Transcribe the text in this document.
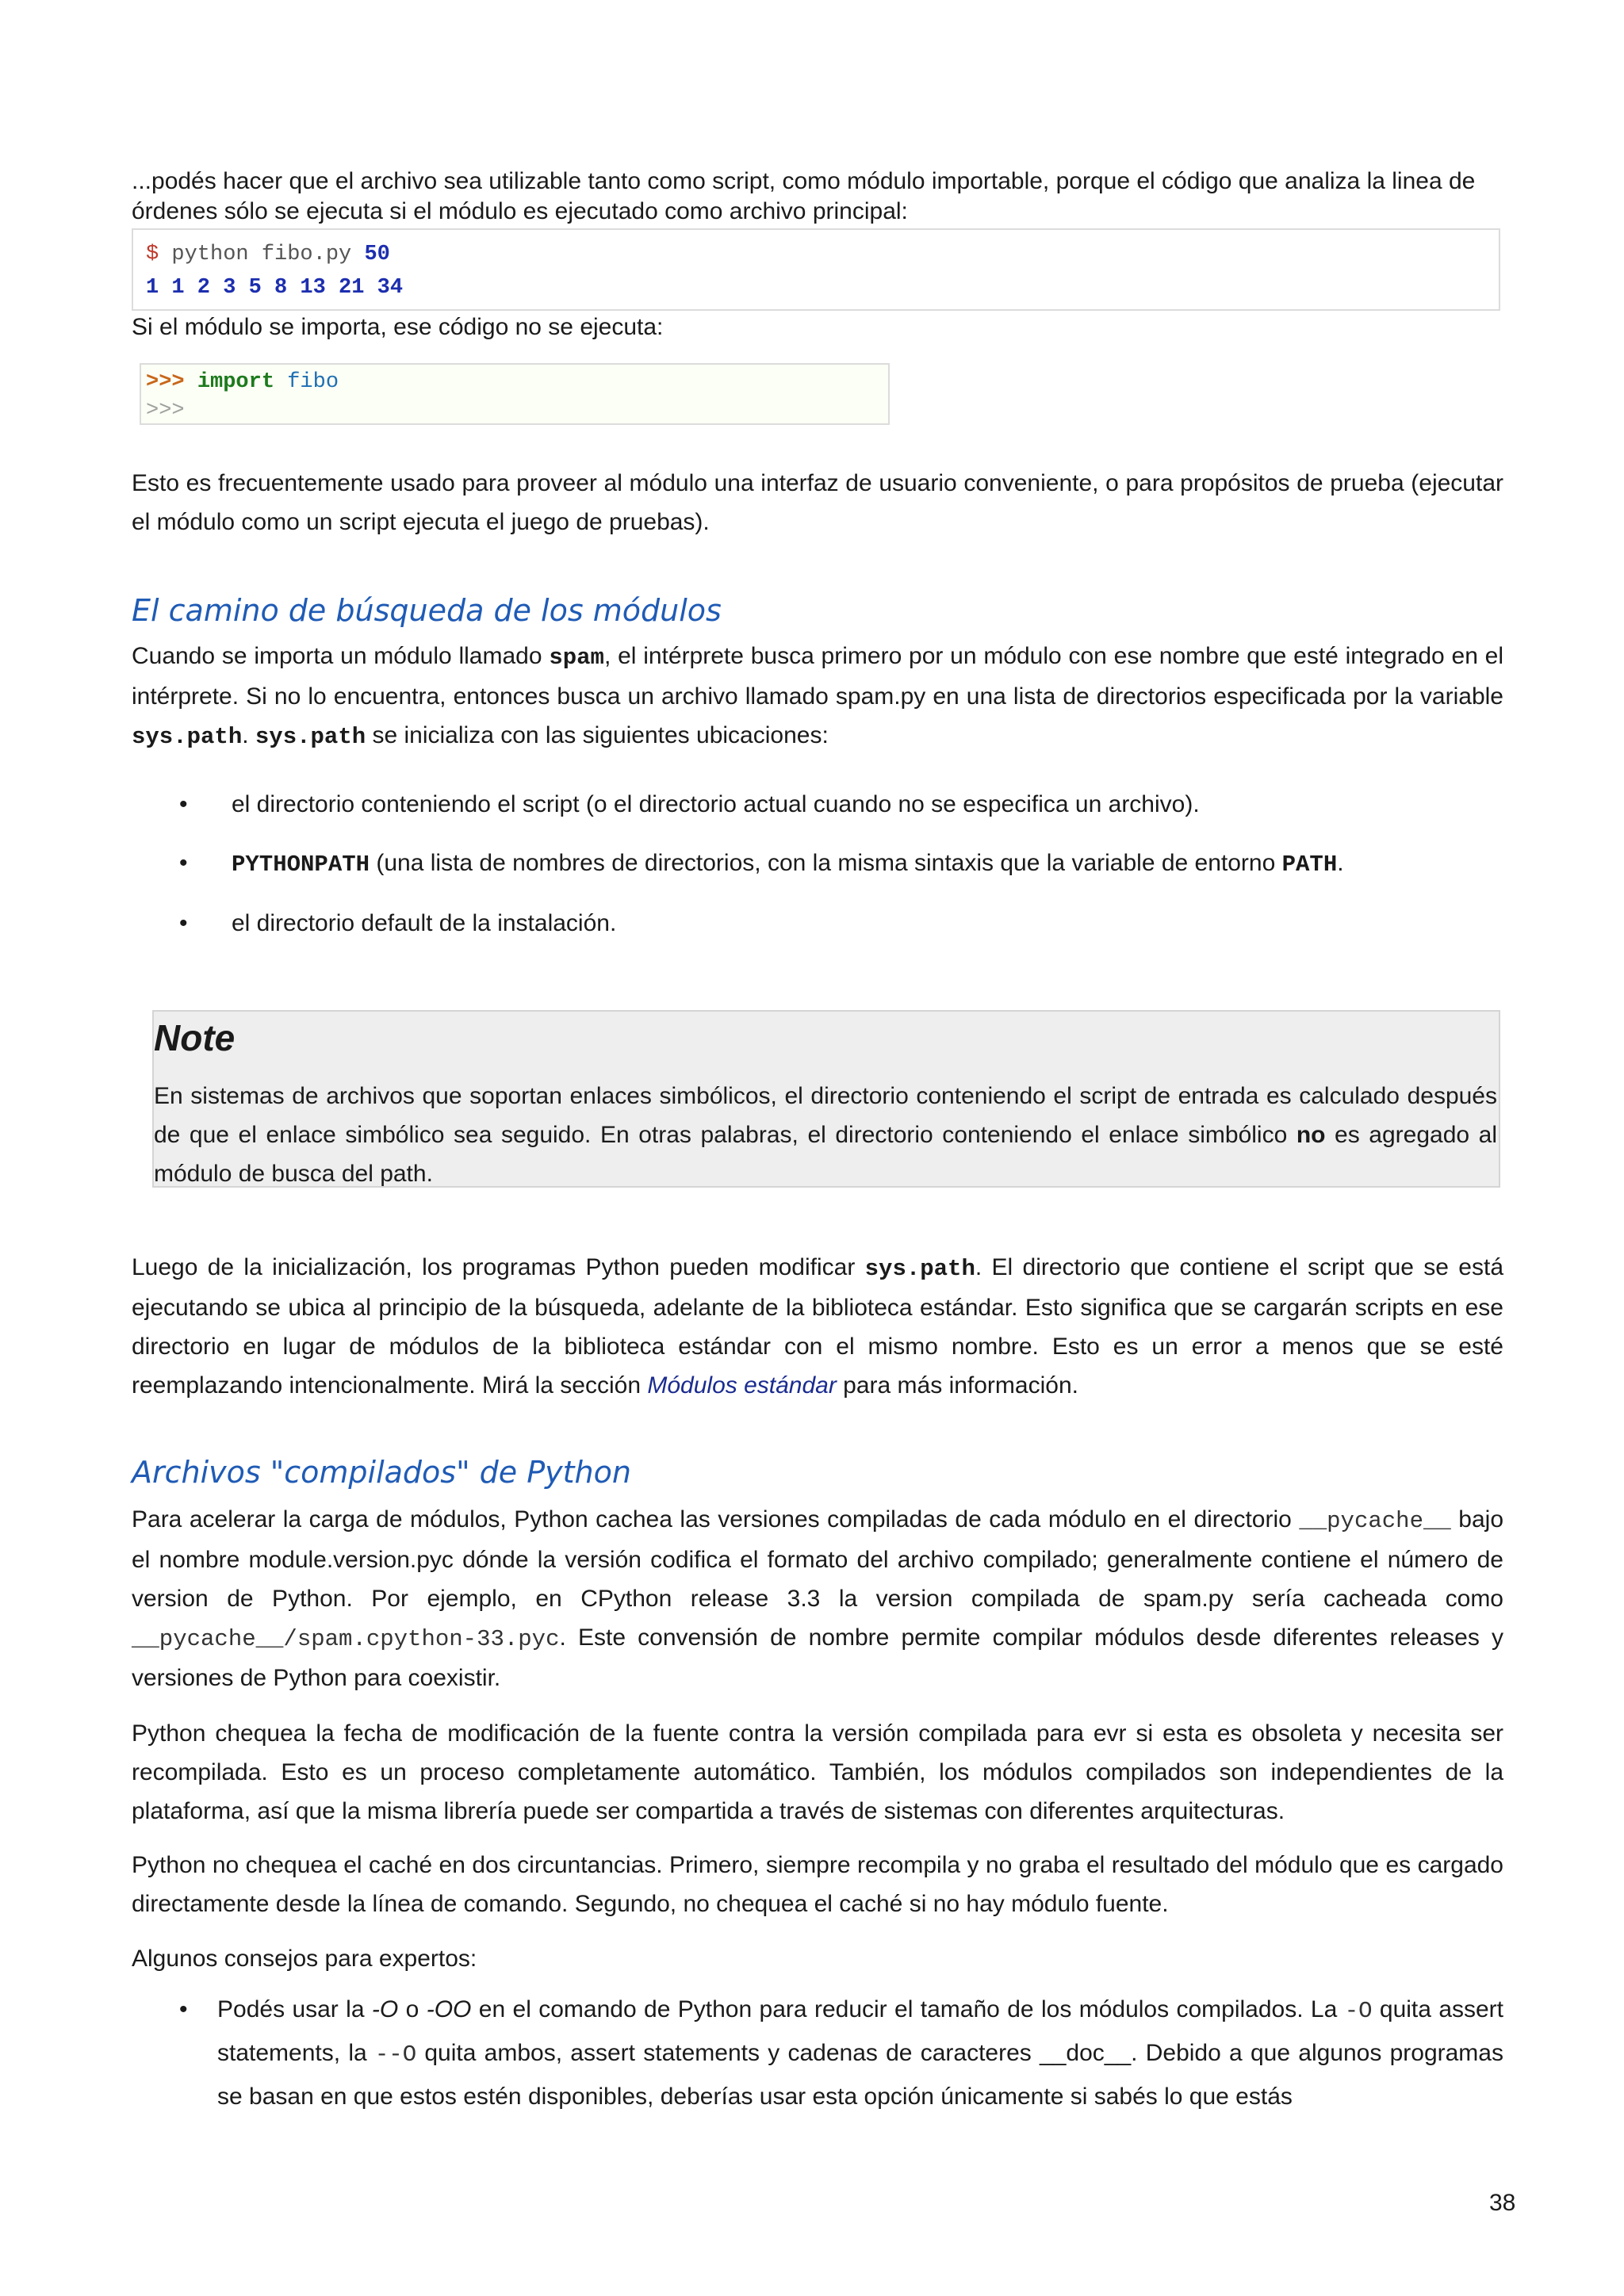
...podés hacer que el archivo sea utilizable tanto como script, como módulo importable, porque el código que analiza la linea de órdenes sólo se ejecuta si el módulo es ejecutado como archivo principal:

$ python fibo.py 50
1 1 2 3 5 8 13 21 34

Si el módulo se importa, ese código no se ejecuta:

>>> import fibo
>>>

Esto es frecuentemente usado para proveer al módulo una interfaz de usuario conveniente, o para propósitos de prueba (ejecutar el módulo como un script ejecuta el juego de pruebas).

El camino de búsqueda de los módulos

Cuando se importa un módulo llamado spam, el intérprete busca primero por un módulo con ese nombre que esté integrado en el intérprete. Si no lo encuentra, entonces busca un archivo llamado spam.py en una lista de directorios especificada por la variable sys.path. sys.path se inicializa con las siguientes ubicaciones:

• el directorio conteniendo el script (o el directorio actual cuando no se especifica un archivo).
• PYTHONPATH (una lista de nombres de directorios, con la misma sintaxis que la variable de entorno PATH.
• el directorio default de la instalación.
Note

En sistemas de archivos que soportan enlaces simbólicos, el directorio conteniendo el script de entrada es calculado después de que el enlace simbólico sea seguido. En otras palabras, el directorio conteniendo el enlace simbólico no es agregado al módulo de busca del path.

Luego de la inicialización, los programas Python pueden modificar sys.path. El directorio que contiene el script que se está ejecutando se ubica al principio de la búsqueda, adelante de la biblioteca estándar. Esto significa que se cargarán scripts en ese directorio en lugar de módulos de la biblioteca estándar con el mismo nombre. Esto es un error a menos que se esté reemplazando intencionalmente. Mirá la sección Módulos estándar para más información.

Archivos "compilados" de Python

Para acelerar la carga de módulos, Python cachea las versiones compiladas de cada módulo en el directorio __pycache__ bajo el nombre module.version.pyc dónde la versión codifica el formato del archivo compilado; generalmente contiene el número de version de Python. Por ejemplo, en CPython release 3.3 la version compilada de spam.py sería cacheada como __pycache__/spam.cpython-33.pyc. Este convensión de nombre permite compilar módulos desde diferentes releases y versiones de Python para coexistir.

Python chequea la fecha de modificación de la fuente contra la versión compilada para evr si esta es obsoleta y necesita ser recompilada. Esto es un proceso completamente automático. También, los módulos compilados son independientes de la plataforma, así que la misma librería puede ser compartida a través de sistemas con diferentes arquitecturas.

Python no chequea el caché en dos circuntancias. Primero, siempre recompila y no graba el resultado del módulo que es cargado directamente desde la línea de comando. Segundo, no chequea el caché si no hay módulo fuente.

Algunos consejos para expertos:

• Podés usar la -O o -OO en el comando de Python para reducir el tamaño de los módulos compilados. La -O quita assert statements, la --O quita ambos, assert statements y cadenas de caracteres __doc__. Debido a que algunos programas se basan en que estos estén disponibles, deberías usar esta opción únicamente si sabés lo que estás
38
